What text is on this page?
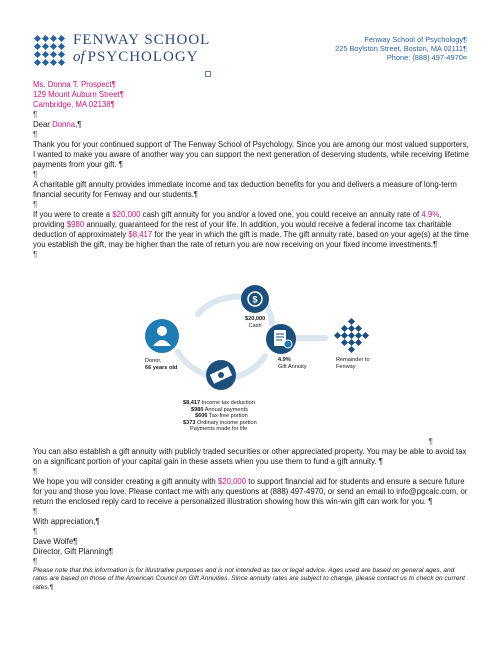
FENWAY SCHOOL
of PSYCHOLOGY
Fenway School of Psychology¶
225 Boylston Street, Boston, MA 02111¶
Phone: (888) 497-4970¤

Ms. Donna T. Prospect¶

129 Mount Auburn Street¶

Cambridge, MA 02138¶

¶

Dear Donna,¶

¶

Thank you for your continued support of The Fenway School of Psychology. Since you are among our most valued supporters, I wanted to make you aware of another way you can support the next generation of deserving students, while receiving lifetime payments from your gift. ¶

¶

A charitable gift annuity provides immediate income and tax deduction benefits for you and delivers a measure of long-term financial security for Fenway and our students.¶

¶

If you were to create a $20,000 cash gift annuity for you and/or a loved one, you could receive an annuity rate of 4.9%, providing $980 annually, guaranteed for the rest of your life. In addition, you would receive a federal income tax charitable deduction of approximately $8,417 for the year in which the gift is made. The gift annuity rate, based on your age(s) at the time you establish the gift, may be higher than the rate of return you are now receiving on your fixed income investments.¶

¶

$
$20,000
Cash
Donor,
66 years old
4.9%
Gift Annuity
Remainder to
Fenway
$8,417 Income tax deduction
$980 Annual payments
$606 Tax-free portion
$373 Ordinary income portion
Payments made for life

¶

You can also establish a gift annuity with publicly traded securities or other appreciated property. You may be able to avoid tax on a significant portion of your capital gain in these assets when you use them to fund a gift annuity. ¶

¶

We hope you will consider creating a gift annuity with $20,000 to support financial aid for students and ensure a secure future for you and those you love. Please contact me with any questions at (888) 497-4970, or send an email to info@pgcalc.com, or return the enclosed reply card to receive a personalized illustration showing how this win-win gift can work for you. ¶

¶

With appreciation,¶

¶

Dave Wolfe¶

Director, Gift Planning¶

¶

Please note that this information is for illustrative purposes and is not intended as tax or legal advice. Ages used are based on general ages, and rates are based on those of the American Council on Gift Annuities. Since annuity rates are subject to change, please contact us to check on current rates.¶
